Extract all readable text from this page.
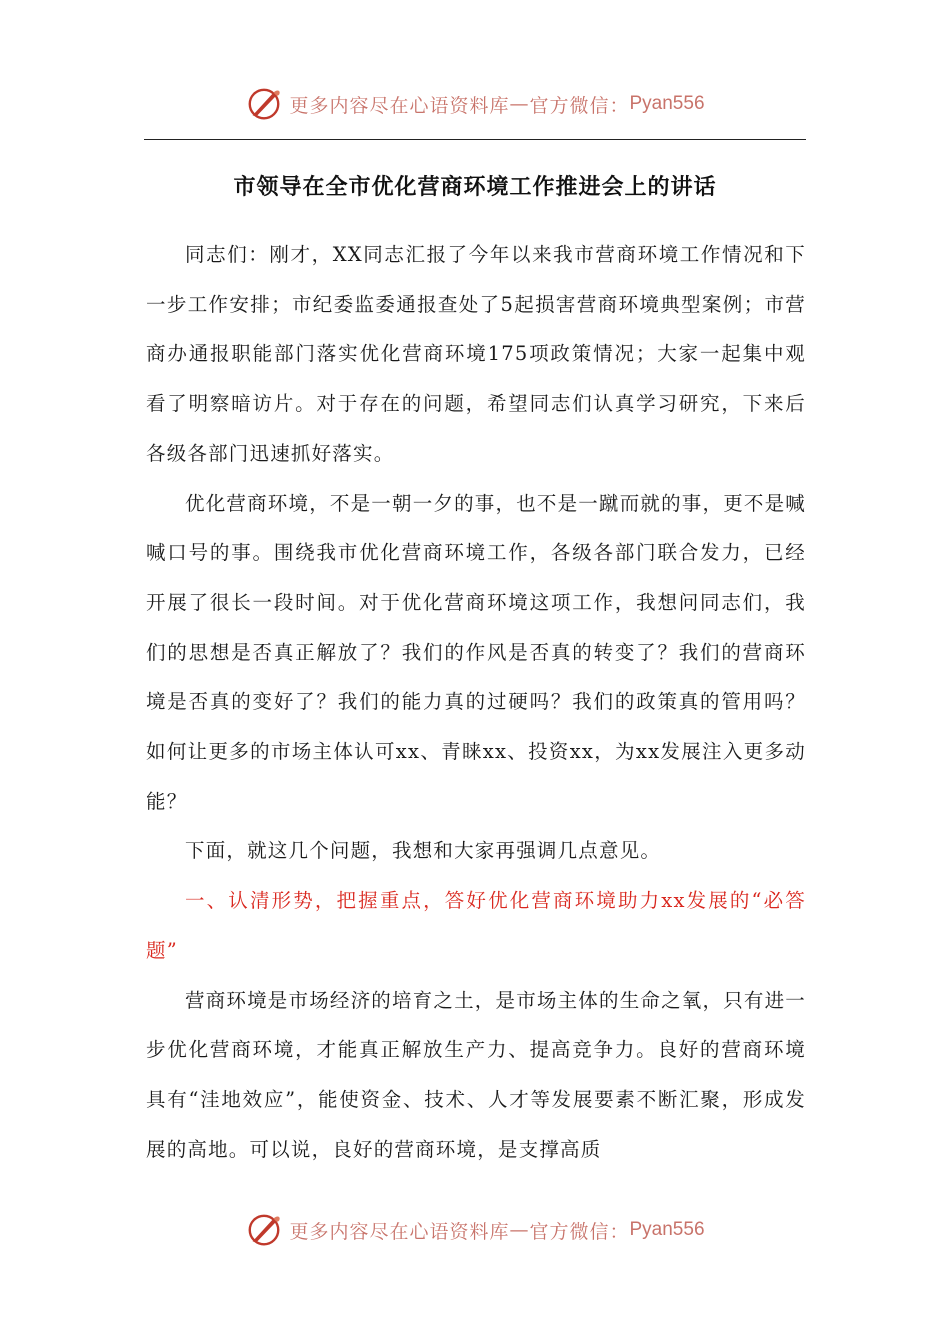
更多内容尽在心语资料库 — 官方微信： Pyan556
市领导在全市优化营商环境工作推进会上的讲话

同志们：刚才，XX同志汇报了今年以来我市营商环境工作情况和下一步工作安排；市纪委监委通报查处了5起损害营商环境典型案例；市营商办通报职能部门落实优化营商环境175项政策情况；大家一起集中观看了明察暗访片。对于存在的问题，希望同志们认真学习研究，下来后各级各部门迅速抓好落实。

优化营商环境，不是一朝一夕的事，也不是一蹴而就的事，更不是喊喊口号的事。围绕我市优化营商环境工作，各级各部门联合发力，已经开展了很长一段时间。对于优化营商环境这项工作，我想问同志们，我们的思想是否真正解放了？我们的作风是否真的转变了？我们的营商环境是否真的变好了？我们的能力真的过硬吗？我们的政策真的管用吗？如何让更多的市场主体认可xx、青睐xx、投资xx，为xx发展注入更多动能？

下面，就这几个问题，我想和大家再强调几点意见。

一、认清形势，把握重点，答好优化营商环境助力xx发展的“必答题”

营商环境是市场经济的培育之土，是市场主体的生命之氧，只有进一步优化营商环境，才能真正解放生产力、提高竞争力。良好的营商环境具有“洼地效应”，能使资金、技术、人才等发展要素不断汇聚，形成发展的高地。可以说，良好的营商环境，是支撑高质

更多内容尽在心语资料库 — 官方微信： Pyan556
